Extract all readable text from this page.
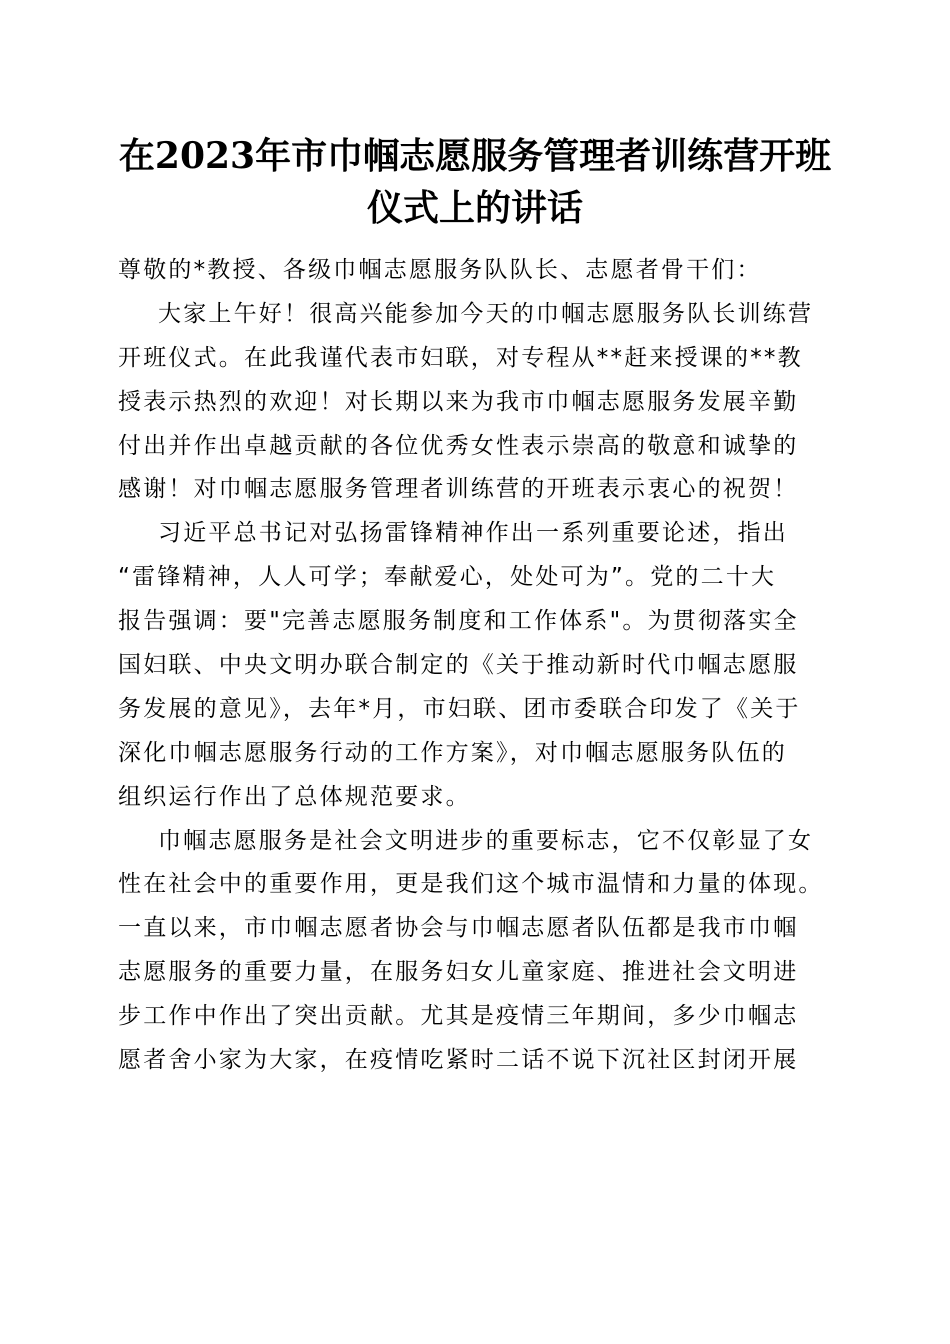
在2023年市巾帼志愿服务管理者训练营开班
仪式上的讲话
尊敬的*教授、各级巾帼志愿服务队队长、志愿者骨干们：
大家上午好！很高兴能参加今天的巾帼志愿服务队长训练营
开班仪式。在此我谨代表市妇联，对专程从**赶来授课的**教
授表示热烈的欢迎！对长期以来为我市巾帼志愿服务发展辛勤
付出并作出卓越贡献的各位优秀女性表示崇高的敬意和诚挚的
感谢！对巾帼志愿服务管理者训练营的开班表示衷心的祝贺！
习近平总书记对弘扬雷锋精神作出一系列重要论述，指出
“雷锋精神，人人可学；奉献爱心，处处可为”。党的二十大
报告强调：要"完善志愿服务制度和工作体系"。为贯彻落实全
国妇联、中央文明办联合制定的《关于推动新时代巾帼志愿服
务发展的意见》，去年*月，市妇联、团市委联合印发了《关于
深化巾帼志愿服务行动的工作方案》，对巾帼志愿服务队伍的
组织运行作出了总体规范要求。
巾帼志愿服务是社会文明进步的重要标志，它不仅彰显了女
性在社会中的重要作用，更是我们这个城市温情和力量的体现。
一直以来，市巾帼志愿者协会与巾帼志愿者队伍都是我市巾帼
志愿服务的重要力量，在服务妇女儿童家庭、推进社会文明进
步工作中作出了突出贡献。尤其是疫情三年期间，多少巾帼志
愿者舍小家为大家，在疫情吃紧时二话不说下沉社区封闭开展
